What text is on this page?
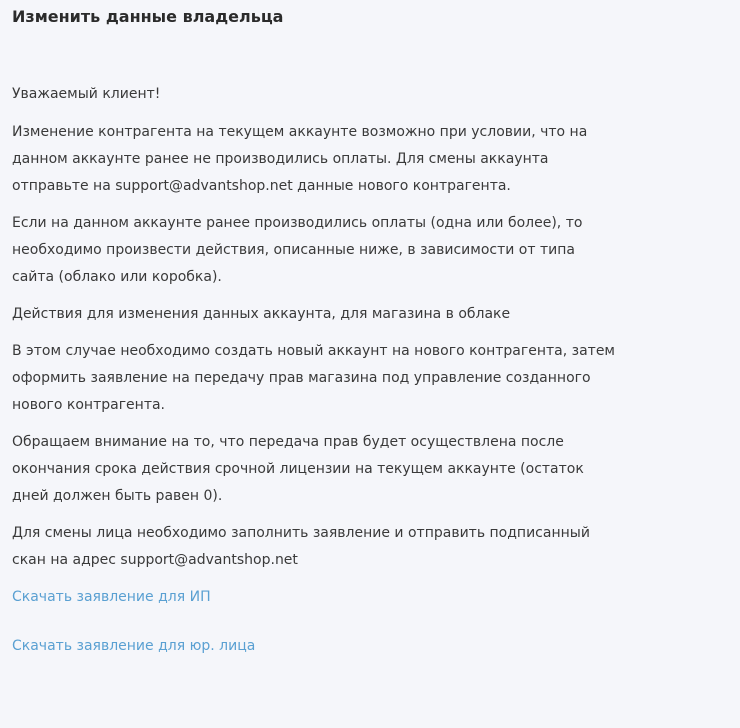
Изменить данные владельца

Уважаемый клиент!

Изменение контрагента на текущем аккаунте возможно при условии, что на
данном аккаунте ранее не производились оплаты. Для смены аккаунта
отправьте на support@advantshop.net данные нового контрагента.

Если на данном аккаунте ранее производились оплаты (одна или более), то
необходимо произвести действия, описанные ниже, в зависимости от типа
сайта (облако или коробка).

Действия для изменения данных аккаунта, для магазина в облаке

В этом случае необходимо создать новый аккаунт на нового контрагента, затем
оформить заявление на передачу прав магазина под управление созданного
нового контрагента.

Обращаем внимание на то, что передача прав будет осуществлена после
окончания срока действия срочной лицензии на текущем аккаунте (остаток
дней должен быть равен 0).

Для смены лица необходимо заполнить заявление и отправить подписанный
скан на адрес support@advantshop.net

Скачать заявление для ИП
Скачать заявление для юр. лица
